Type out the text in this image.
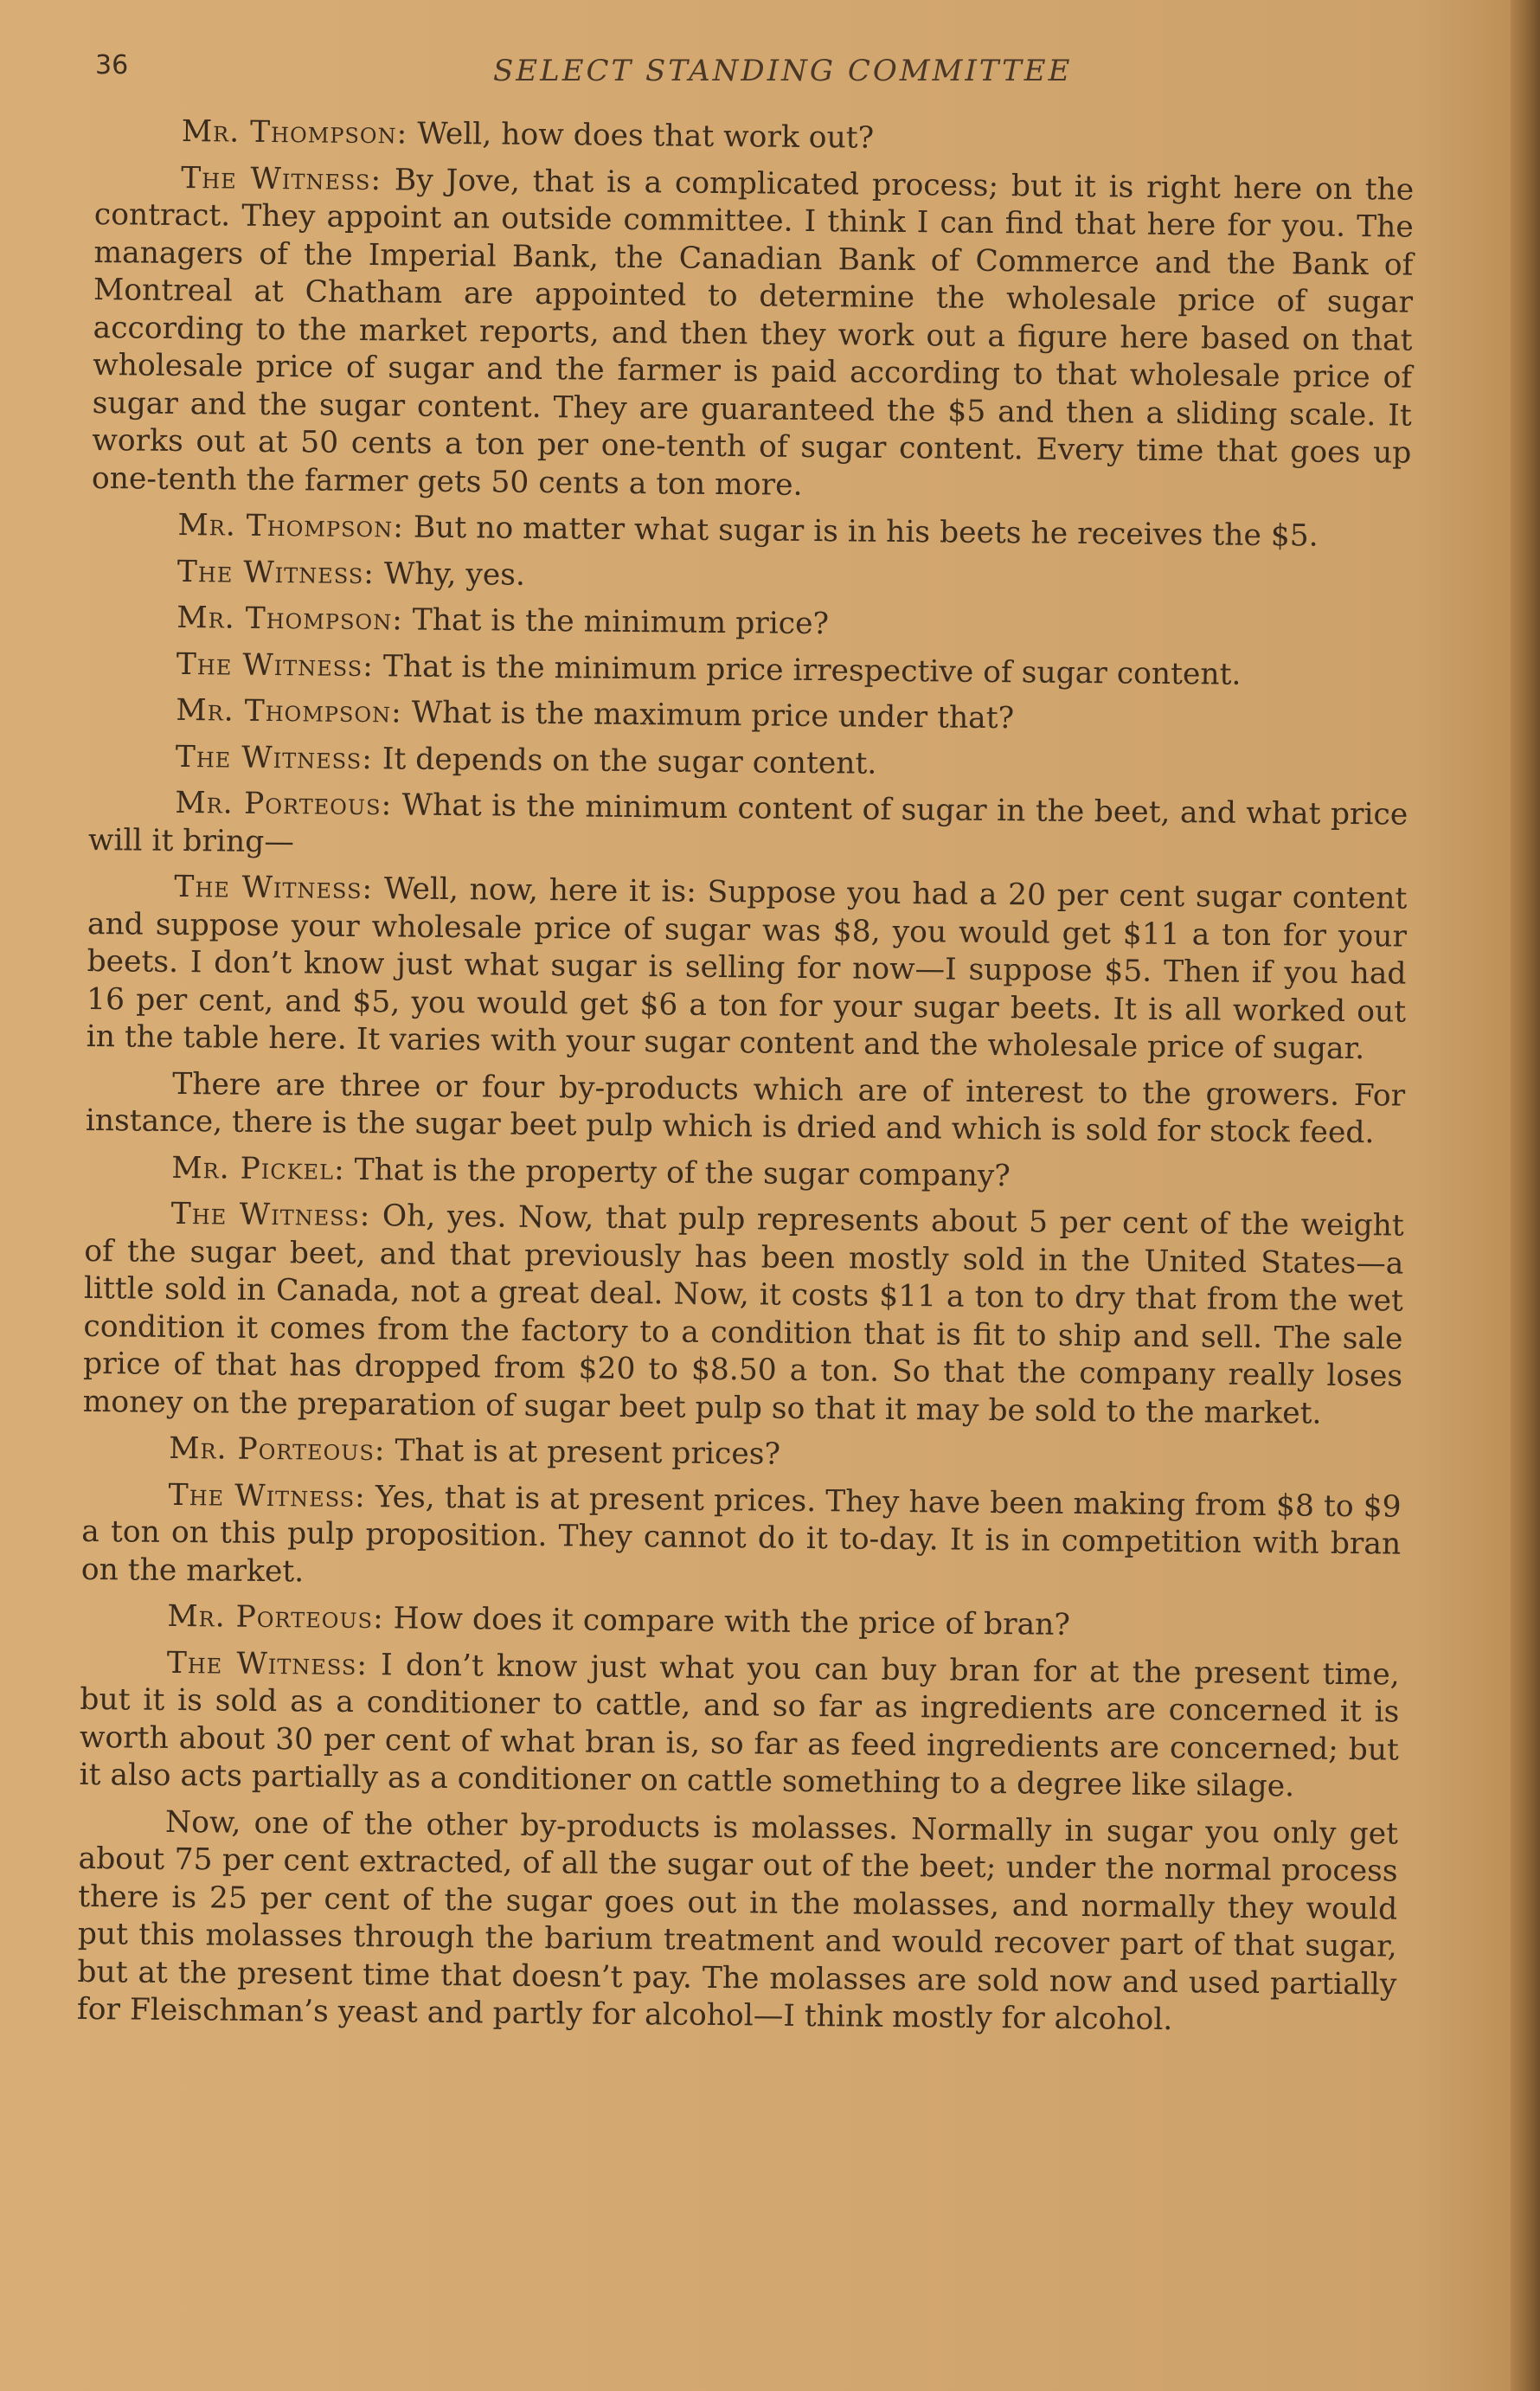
36	SELECT STANDING COMMITTEE

Mr. Thompson: Well, how does that work out?

The Witness: By Jove, that is a complicated process; but it is right here on the contract. They appoint an outside committee. I think I can find that here for you. The managers of the Imperial Bank, the Canadian Bank of Commerce and the Bank of Montreal at Chatham are appointed to determine the wholesale price of sugar according to the market reports, and then they work out a figure here based on that wholesale price of sugar and the farmer is paid according to that wholesale price of sugar and the sugar content. They are guaranteed the $5 and then a sliding scale. It works out at 50 cents a ton per one-tenth of sugar content. Every time that goes up one-tenth the farmer gets 50 cents a ton more.

Mr. Thompson: But no matter what sugar is in his beets he receives the $5.

The Witness: Why, yes.

Mr. Thompson: That is the minimum price?

The Witness: That is the minimum price irrespective of sugar content.

Mr. Thompson: What is the maximum price under that?

The Witness: It depends on the sugar content.

Mr. Porteous: What is the minimum content of sugar in the beet, and what price will it bring—

The Witness: Well, now, here it is: Suppose you had a 20 per cent sugar content and suppose your wholesale price of sugar was $8, you would get $11 a ton for your beets. I don’t know just what sugar is selling for now—I suppose $5. Then if you had 16 per cent, and $5, you would get $6 a ton for your sugar beets. It is all worked out in the table here. It varies with your sugar content and the wholesale price of sugar.

There are three or four by-products which are of interest to the growers. For instance, there is the sugar beet pulp which is dried and which is sold for stock feed.

Mr. Pickel: That is the property of the sugar company?

The Witness: Oh, yes. Now, that pulp represents about 5 per cent of the weight of the sugar beet, and that previously has been mostly sold in the United States—a little sold in Canada, not a great deal. Now, it costs $11 a ton to dry that from the wet condition it comes from the factory to a condition that is fit to ship and sell. The sale price of that has dropped from $20 to $8.50 a ton. So that the company really loses money on the preparation of sugar beet pulp so that it may be sold to the market.

Mr. Porteous: That is at present prices?

The Witness: Yes, that is at present prices. They have been making from $8 to $9 a ton on this pulp proposition. They cannot do it to-day. It is in competition with bran on the market.

Mr. Porteous: How does it compare with the price of bran?

The Witness: I don’t know just what you can buy bran for at the present time, but it is sold as a conditioner to cattle, and so far as ingredients are concerned it is worth about 30 per cent of what bran is, so far as feed ingredients are concerned; but it also acts partially as a conditioner on cattle something to a degree like silage.

Now, one of the other by-products is molasses. Normally in sugar you only get about 75 per cent extracted, of all the sugar out of the beet; under the normal process there is 25 per cent of the sugar goes out in the molasses, and normally they would put this molasses through the barium treatment and would recover part of that sugar, but at the present time that doesn’t pay. The molasses are sold now and used partially for Fleischman’s yeast and partly for alcohol—I think mostly for alcohol.
